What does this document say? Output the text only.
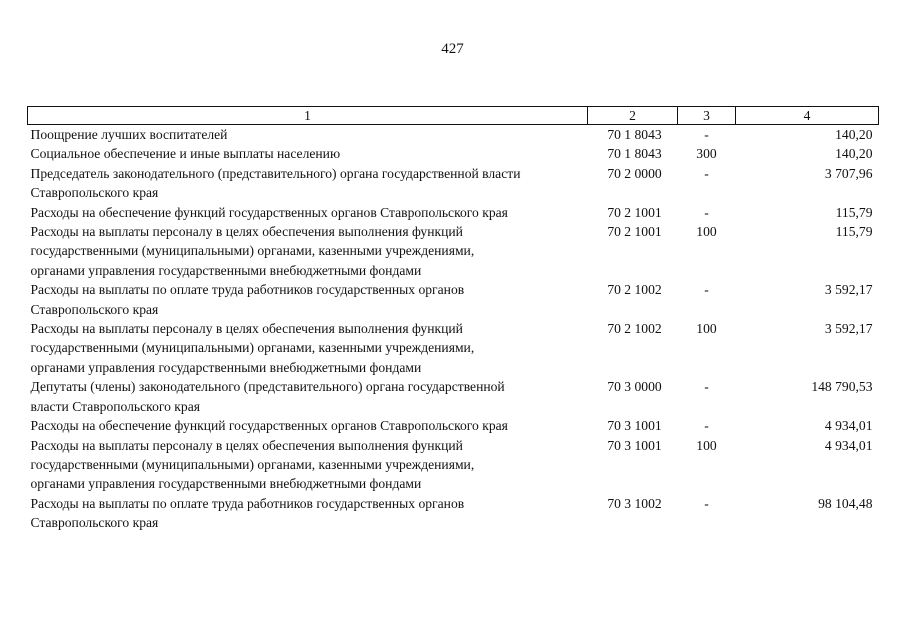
427
1	2	3	4
Поощрение лучших воспитателей	70 1 8043	-	140,20
Социальное обеспечение и иные выплаты населению	70 1 8043	300	140,20
Председатель законодательного (представительного) органа государственной власти
Ставропольского края	70 2 0000	-	3 707,96
Расходы на обеспечение функций государственных органов Ставропольского края	70 2 1001	-	115,79
Расходы на выплаты персоналу в целях обеспечения выполнения функций
государственными (муниципальными) органами, казенными учреждениями,
органами управления государственными внебюджетными фондами	70 2 1001	100	115,79
Расходы на выплаты по оплате труда работников государственных органов
Ставропольского края	70 2 1002	-	3 592,17
Расходы на выплаты персоналу в целях обеспечения выполнения функций
государственными (муниципальными) органами, казенными учреждениями,
органами управления государственными внебюджетными фондами	70 2 1002	100	3 592,17
Депутаты (члены) законодательного (представительного) органа государственной
власти Ставропольского края	70 3 0000	-	148 790,53
Расходы на обеспечение функций государственных органов Ставропольского края	70 3 1001	-	4 934,01
Расходы на выплаты персоналу в целях обеспечения выполнения функций
государственными (муниципальными) органами, казенными учреждениями,
органами управления государственными внебюджетными фондами	70 3 1001	100	4 934,01
Расходы на выплаты по оплате труда работников государственных органов
Ставропольского края	70 3 1002	-	98 104,48
